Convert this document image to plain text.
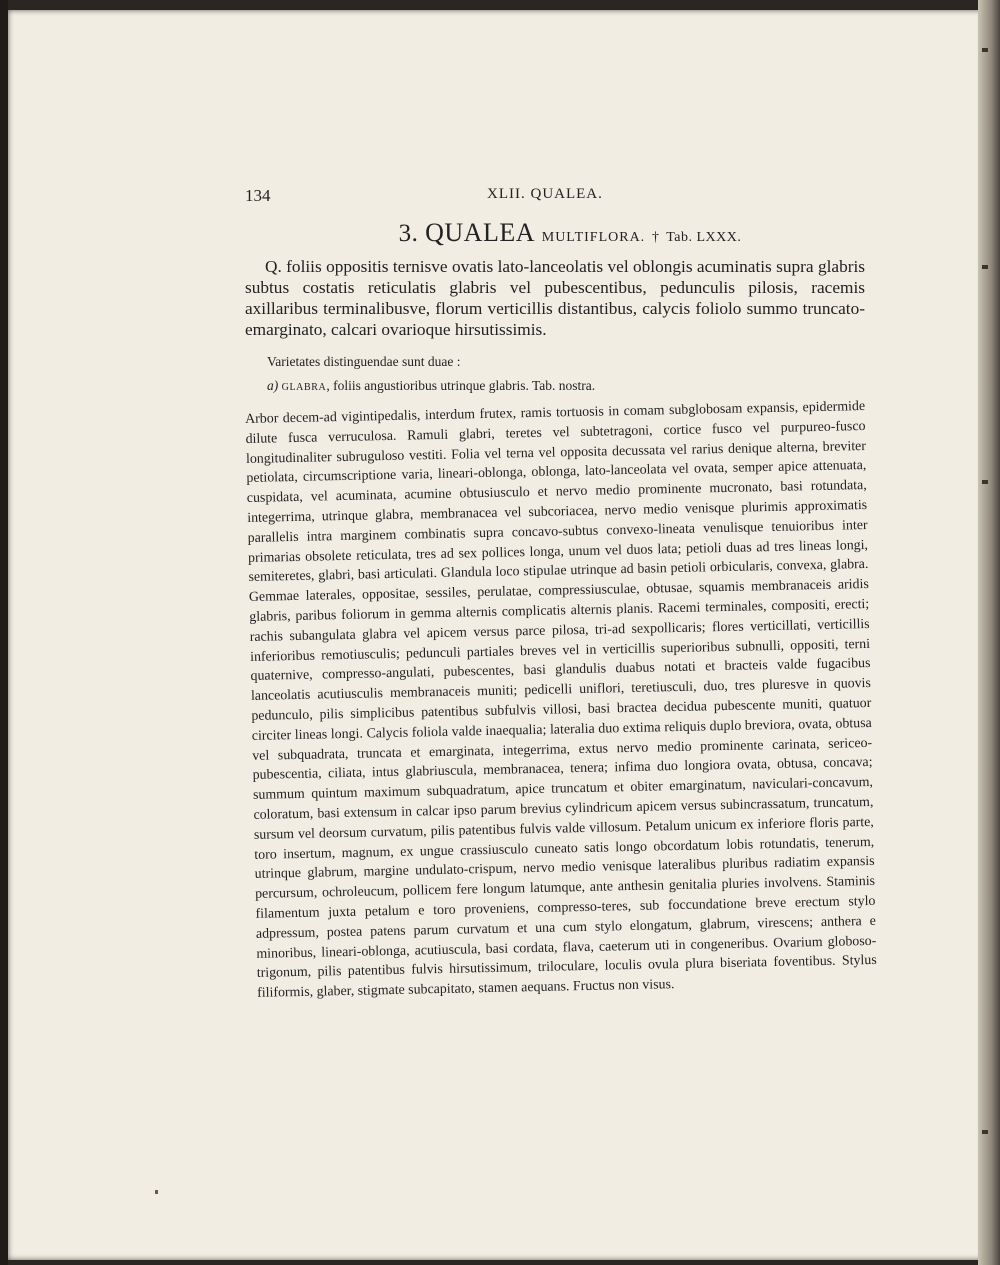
134	XLII. QUALEA.
3. QUALEA MULTIFLORA. † Tab. LXXX.

Q. foliis oppositis ternisve ovatis lato-lanceolatis vel oblongis acuminatis supra glabris subtus costatis reticulatis glabris vel pubescentibus, pedunculis pilosis, racemis axillaribus terminalibusve, florum verticillis distantibus, calycis foliolo summo truncato-emarginato, calcari ovarioque hirsutissimis.

Varietates distinguendae sunt duae :
a) GLABRA, foliis angustioribus utrinque glabris. Tab. nostra.

Arbor decem-ad vigintipedalis, interdum frutex, ramis tortuosis in comam subglobosam expansis, epidermide dilute fusca verruculosa. Ramuli glabri, teretes vel subtetragoni, cortice fusco vel purpureo-fusco longitudinaliter subruguloso vestiti. Folia vel terna vel opposita decussata vel rarius denique alterna, breviter petiolata, circumscriptione varia, lineari-oblonga, oblonga, lato-lanceolata vel ovata, semper apice attenuata, cuspidata, vel acuminata, acumine obtusiusculo et nervo medio prominente mucronato, basi rotundata, integerrima, utrinque glabra, membranacea vel subcoriacea, nervo medio venisque plurimis approximatis parallelis intra marginem combinatis supra concavo-subtus convexo-lineata venulisque tenuioribus inter primarias obsolete reticulata, tres ad sex pollices longa, unum vel duos lata; petioli duas ad tres lineas longi, semiteretes, glabri, basi articulati. Glandula loco stipulae utrinque ad basin petioli orbicularis, convexa, glabra. Gemmae laterales, oppositae, sessiles, perulatae, compressiusculae, obtusae, squamis membranaceis aridis glabris, paribus foliorum in gemma alternis complicatis alternis planis. Racemi terminales, compositi, erecti; rachis subangulata glabra vel apicem versus parce pilosa, tri-ad sexpollicaris; flores verticillati, verticillis inferioribus remotiusculis; pedunculi partiales breves vel in verticillis superioribus subnulli, oppositi, terni quaternive, compresso-angulati, pubescentes, basi glandulis duabus notati et bracteis valde fugacibus lanceolatis acutiusculis membranaceis muniti; pedicelli uniflori, teretiusculi, duo, tres pluresve in quovis pedunculo, pilis simplicibus patentibus subfulvis villosi, basi bractea decidua pubescente muniti, quatuor circiter lineas longi. Calycis foliola valde inaequalia; lateralia duo extima reliquis duplo breviora, ovata, obtusa vel subquadrata, truncata et emarginata, integerrima, extus nervo medio prominente carinata, sericeo-pubescentia, ciliata, intus glabriuscula, membranacea, tenera; infima duo longiora ovata, obtusa, concava; summum quintum maximum subquadratum, apice truncatum et obiter emarginatum, naviculari-concavum, coloratum, basi extensum in calcar ipso parum brevius cylindricum apicem versus subincrassatum, truncatum, sursum vel deorsum curvatum, pilis patentibus fulvis valde villosum. Petalum unicum ex inferiore floris parte, toro insertum, magnum, ex ungue crassiusculo cuneato satis longo obcordatum lobis rotundatis, tenerum, utrinque glabrum, margine undulato-crispum, nervo medio venisque lateralibus pluribus radiatim expansis percursum, ochroleucum, pollicem fere longum latumque, ante anthesin genitalia pluries involvens. Staminis filamentum juxta petalum e toro proveniens, compresso-teres, sub foccundatione breve erectum stylo adpressum, postea patens parum curvatum et una cum stylo elongatum, glabrum, virescens; anthera e minoribus, lineari-oblonga, acutiuscula, basi cordata, flava, caeterum uti in congeneribus. Ovarium globoso-trigonum, pilis patentibus fulvis hirsutissimum, triloculare, loculis ovula plura biseriata foventibus. Stylus filiformis, glaber, stigmate subcapitato, stamen aequans. Fructus non visus.
